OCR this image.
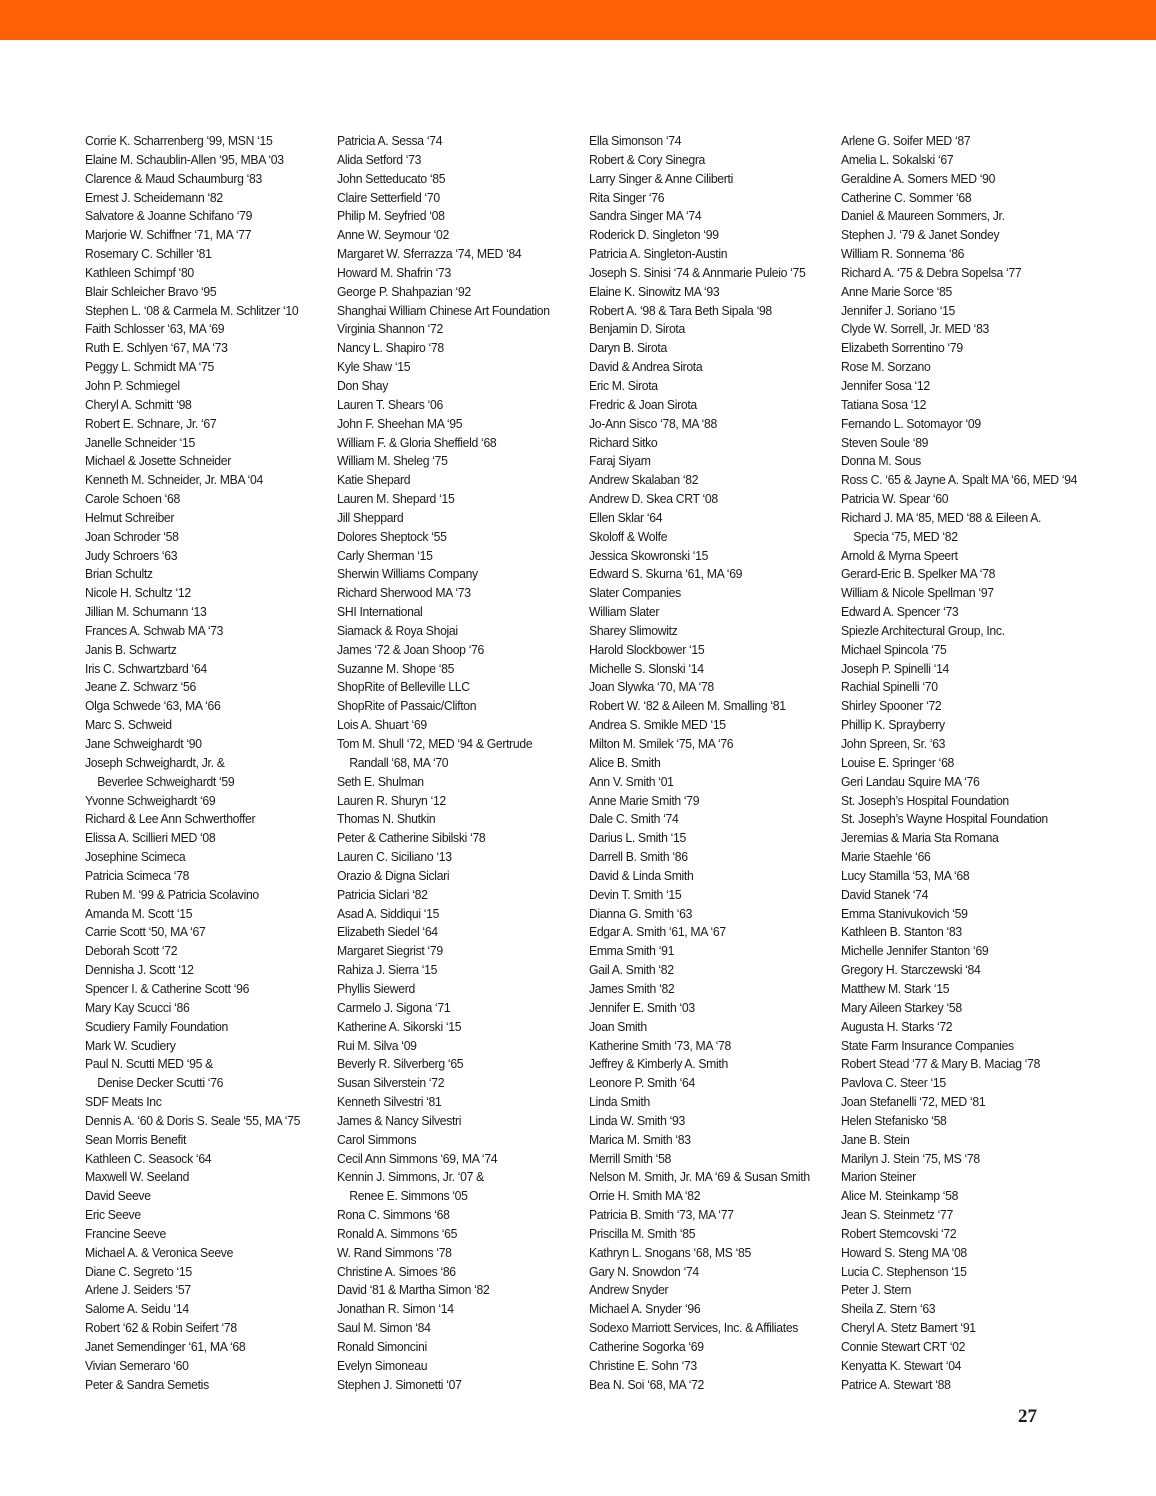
Corrie K. Scharrenberg ‘99, MSN ‘15
Elaine M. Schaublin-Allen ‘95, MBA ‘03
Clarence & Maud Schaumburg ‘83
Ernest J. Scheidemann ‘82
Salvatore & Joanne Schifano ‘79
Marjorie W. Schiffner ‘71, MA ‘77
Rosemary C. Schiller ‘81
Kathleen Schimpf ‘80
Blair Schleicher Bravo ‘95
Stephen L. ‘08 & Carmela M. Schlitzer ‘10
Faith Schlosser ‘63, MA ‘69
Ruth E. Schlyen ‘67, MA ‘73
Peggy L. Schmidt MA ‘75
John P. Schmiegel
Cheryl A. Schmitt ‘98
Robert E. Schnare, Jr. ‘67
Janelle Schneider ‘15
Michael & Josette Schneider
Kenneth M. Schneider, Jr. MBA ‘04
Carole Schoen ‘68
Helmut Schreiber
Joan Schroder ‘58
Judy Schroers ‘63
Brian Schultz
Nicole H. Schultz ‘12
Jillian M. Schumann ‘13
Frances A. Schwab MA ‘73
Janis B. Schwartz
Iris C. Schwartzbard ‘64
Jeane Z. Schwarz ‘56
Olga Schwede ‘63, MA ‘66
Marc S. Schweid
Jane Schweighardt ‘90
Joseph Schweighardt, Jr. &
Beverlee Schweighardt ‘59
Yvonne Schweighardt ‘69
Richard & Lee Ann Schwerthoffer
Elissa A. Scillieri MED ‘08
Josephine Scimeca
Patricia Scimeca ‘78
Ruben M. ‘99 & Patricia Scolavino
Amanda M. Scott ‘15
Carrie Scott ‘50, MA ‘67
Deborah Scott ‘72
Dennisha J. Scott ‘12
Spencer I. & Catherine Scott ‘96
Mary Kay Scucci ‘86
Scudiery Family Foundation
Mark W. Scudiery
Paul N. Scutti MED ‘95 &
Denise Decker Scutti ‘76
SDF Meats Inc
Dennis A. ‘60 & Doris S. Seale ‘55, MA ‘75
Sean Morris Benefit
Kathleen C. Seasock ‘64
Maxwell W. Seeland
David Seeve
Eric Seeve
Francine Seeve
Michael A. & Veronica Seeve
Diane C. Segreto ‘15
Arlene J. Seiders ‘57
Salome A. Seidu ‘14
Robert ‘62 & Robin Seifert ‘78
Janet Semendinger ‘61, MA ‘68
Vivian Semeraro ‘60
Peter & Sandra Semetis
Patricia A. Sessa ‘74
Alida Setford ‘73
John Setteducato ‘85
Claire Setterfield ‘70
Philip M. Seyfried ‘08
Anne W. Seymour ‘02
Margaret W. Sferrazza ‘74, MED ‘84
Howard M. Shafrin ‘73
George P. Shahpazian ‘92
Shanghai William Chinese Art Foundation
Virginia Shannon ‘72
Nancy L. Shapiro ‘78
Kyle Shaw ‘15
Don Shay
Lauren T. Shears ‘06
John F. Sheehan MA ‘95
William F. & Gloria Sheffield ‘68
William M. Sheleg ‘75
Katie Shepard
Lauren M. Shepard ‘15
Jill Sheppard
Dolores Sheptock ‘55
Carly Sherman ‘15
Sherwin Williams Company
Richard Sherwood MA ‘73
SHI International
Siamack & Roya Shojai
James ‘72 & Joan Shoop ‘76
Suzanne M. Shope ‘85
ShopRite of Belleville LLC
ShopRite of Passaic/Clifton
Lois A. Shuart ‘69
Tom M. Shull ‘72, MED ‘94 & Gertrude
Randall ‘68, MA ‘70
Seth E. Shulman
Lauren R. Shuryn ‘12
Thomas N. Shutkin
Peter & Catherine Sibilski ‘78
Lauren C. Siciliano ‘13
Orazio & Digna Siclari
Patricia Siclari ‘82
Asad A. Siddiqui ‘15
Elizabeth Siedel ‘64
Margaret Siegrist ‘79
Rahiza J. Sierra ‘15
Phyllis Siewerd
Carmelo J. Sigona ‘71
Katherine A. Sikorski ‘15
Rui M. Silva ‘09
Beverly R. Silverberg ‘65
Susan Silverstein ‘72
Kenneth Silvestri ‘81
James & Nancy Silvestri
Carol Simmons
Cecil Ann Simmons ‘69, MA ‘74
Kennin J. Simmons, Jr. ‘07 &
Renee E. Simmons ‘05
Rona C. Simmons ‘68
Ronald A. Simmons ‘65
W. Rand Simmons ‘78
Christine A. Simoes ‘86
David ‘81 & Martha Simon ‘82
Jonathan R. Simon ‘14
Saul M. Simon ‘84
Ronald Simoncini
Evelyn Simoneau
Stephen J. Simonetti ‘07
Ella Simonson ‘74
Robert & Cory Sinegra
Larry Singer & Anne Ciliberti
Rita Singer ‘76
Sandra Singer MA ‘74
Roderick D. Singleton ‘99
Patricia A. Singleton-Austin
Joseph S. Sinisi ‘74 & Annmarie Puleio ‘75
Elaine K. Sinowitz MA ‘93
Robert A. ‘98 & Tara Beth Sipala ‘98
Benjamin D. Sirota
Daryn B. Sirota
David & Andrea Sirota
Eric M. Sirota
Fredric & Joan Sirota
Jo-Ann Sisco ‘78, MA ‘88
Richard Sitko
Faraj Siyam
Andrew Skalaban ‘82
Andrew D. Skea CRT ‘08
Ellen Sklar ‘64
Skoloff & Wolfe
Jessica Skowronski ‘15
Edward S. Skurna ‘61, MA ‘69
Slater Companies
William Slater
Sharey Slimowitz
Harold Slockbower ‘15
Michelle S. Slonski ‘14
Joan Slywka ‘70, MA ‘78
Robert W. ‘82 & Aileen M. Smalling ‘81
Andrea S. Smikle MED ‘15
Milton M. Smilek ‘75, MA ‘76
Alice B. Smith
Ann V. Smith ‘01
Anne Marie Smith ‘79
Dale C. Smith ‘74
Darius L. Smith ‘15
Darrell B. Smith ‘86
David & Linda Smith
Devin T. Smith ‘15
Dianna G. Smith ‘63
Edgar A. Smith ‘61, MA ‘67
Emma Smith ‘91
Gail A. Smith ‘82
James Smith ‘82
Jennifer E. Smith ‘03
Joan Smith
Katherine Smith ‘73, MA ‘78
Jeffrey & Kimberly A. Smith
Leonore P. Smith ‘64
Linda Smith
Linda W. Smith ‘93
Marica M. Smith ‘83
Merrill Smith ‘58
Nelson M. Smith, Jr. MA ‘69 & Susan Smith
Orrie H. Smith MA ‘82
Patricia B. Smith ‘73, MA ‘77
Priscilla M. Smith ‘85
Kathryn L. Snogans ‘68, MS ‘85
Gary N. Snowdon ‘74
Andrew Snyder
Michael A. Snyder ‘96
Sodexo Marriott Services, Inc. & Affiliates
Catherine Sogorka ‘69
Christine E. Sohn ‘73
Bea N. Soi ‘68, MA ‘72
Arlene G. Soifer MED ‘87
Amelia L. Sokalski ‘67
Geraldine A. Somers MED ‘90
Catherine C. Sommer ‘68
Daniel & Maureen Sommers, Jr.
Stephen J. ‘79 & Janet Sondey
William R. Sonnema ‘86
Richard A. ‘75 & Debra Sopelsa ‘77
Anne Marie Sorce ‘85
Jennifer J. Soriano ‘15
Clyde W. Sorrell, Jr. MED ‘83
Elizabeth Sorrentino ‘79
Rose M. Sorzano
Jennifer Sosa ‘12
Tatiana Sosa ‘12
Fernando L. Sotomayor ‘09
Steven Soule ‘89
Donna M. Sous
Ross C. ‘65 & Jayne A. Spalt MA ‘66, MED ‘94
Patricia W. Spear ‘60
Richard J. MA ‘85, MED ‘88 & Eileen A.
Specia ‘75, MED ‘82
Arnold & Myrna Speert
Gerard-Eric B. Spelker MA ‘78
William & Nicole Spellman ‘97
Edward A. Spencer ‘73
Spiezle Architectural Group, Inc.
Michael Spincola ‘75
Joseph P. Spinelli ‘14
Rachial Spinelli ‘70
Shirley Spooner ‘72
Phillip K. Sprayberry
John Spreen, Sr. ‘63
Louise E. Springer ‘68
Geri Landau Squire MA ‘76
St. Joseph’s Hospital Foundation
St. Joseph’s Wayne Hospital Foundation
Jeremias & Maria Sta Romana
Marie Staehle ‘66
Lucy Stamilla ‘53, MA ‘68
David Stanek ‘74
Emma Stanivukovich ‘59
Kathleen B. Stanton ‘83
Michelle Jennifer Stanton ‘69
Gregory H. Starczewski ‘84
Matthew M. Stark ‘15
Mary Aileen Starkey ‘58
Augusta H. Starks ‘72
State Farm Insurance Companies
Robert Stead ‘77 & Mary B. Maciag ‘78
Pavlova C. Steer ‘15
Joan Stefanelli ‘72, MED ‘81
Helen Stefanisko ‘58
Jane B. Stein
Marilyn J. Stein ‘75, MS ‘78
Marion Steiner
Alice M. Steinkamp ‘58
Jean S. Steinmetz ‘77
Robert Stemcovski ‘72
Howard S. Steng MA ‘08
Lucia C. Stephenson ‘15
Peter J. Stern
Sheila Z. Stern ‘63
Cheryl A. Stetz Bamert ‘91
Connie Stewart CRT ‘02
Kenyatta K. Stewart ‘04
Patrice A. Stewart ‘88
27
